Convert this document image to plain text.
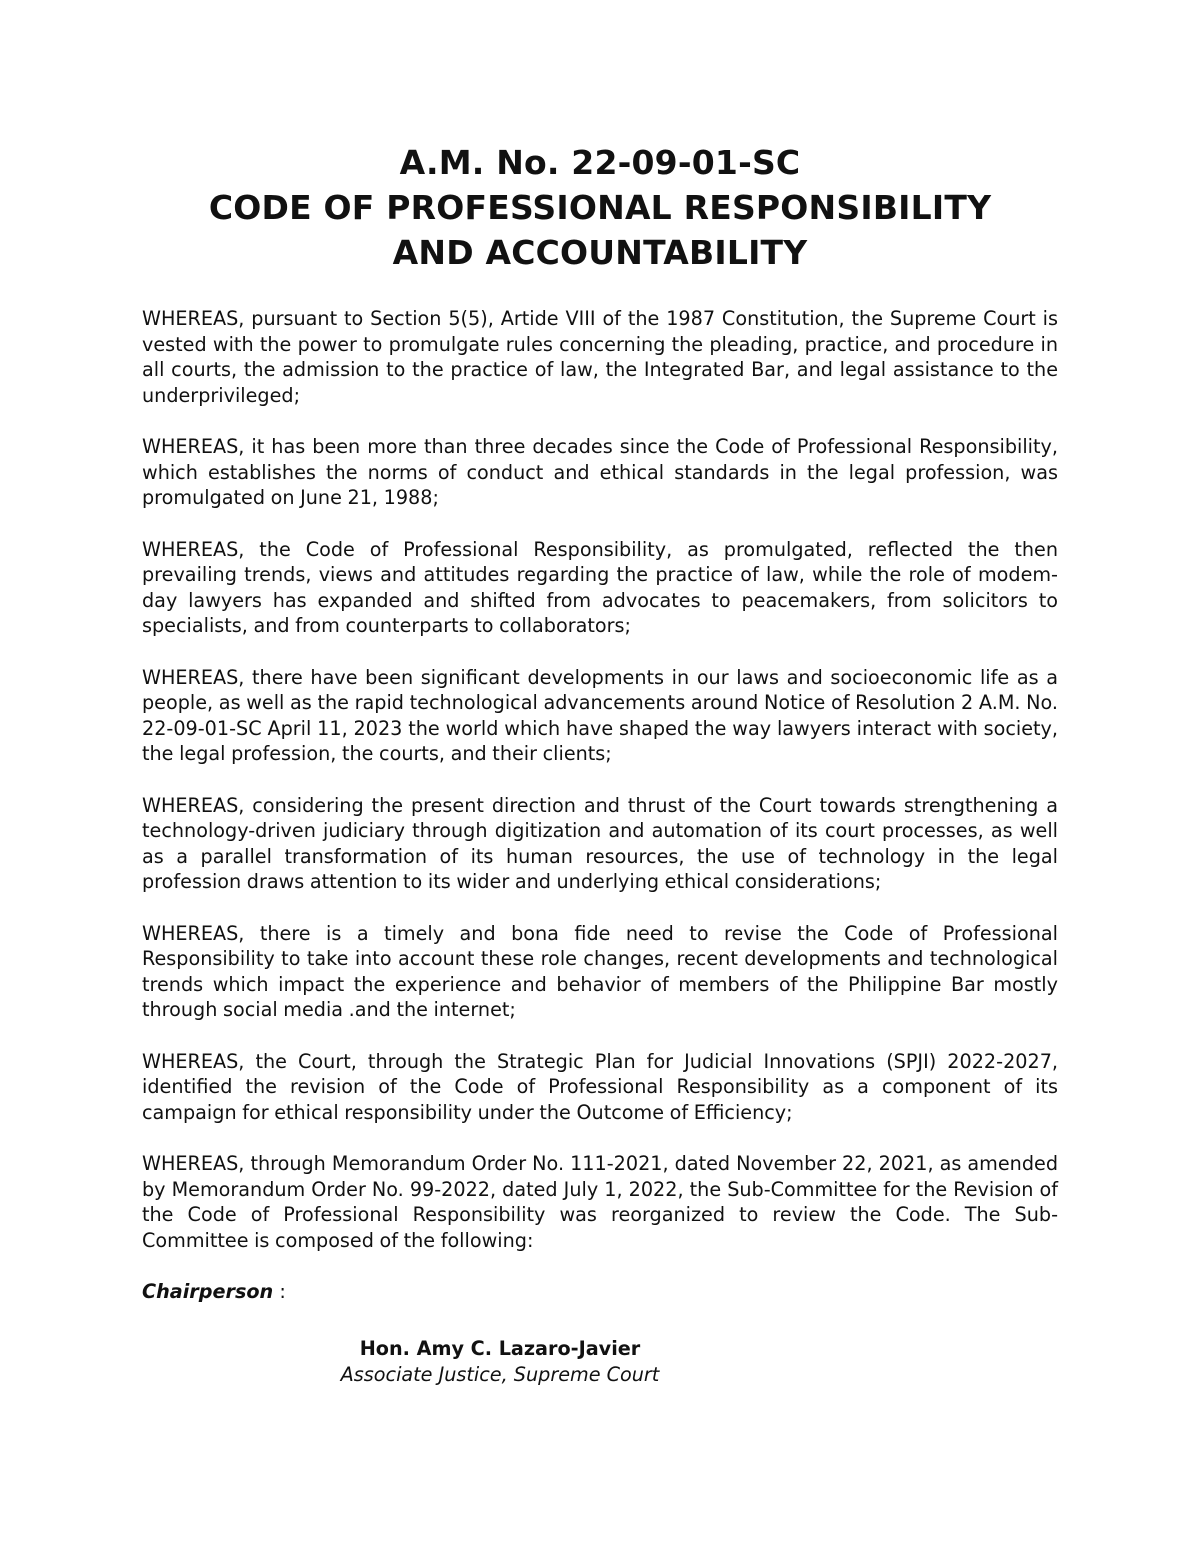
A.M. No. 22-09-01-SC
CODE OF PROFESSIONAL RESPONSIBILITY
AND ACCOUNTABILITY

WHEREAS, pursuant to Section 5(5), Artide VIII of the 1987 Constitution, the Supreme Court is vested with the power to promulgate rules concerning the pleading, practice, and procedure in all courts, the admission to the practice of law, the Integrated Bar, and legal assistance to the underprivileged;

WHEREAS, it has been more than three decades since the Code of Professional Responsibility, which establishes the norms of conduct and ethical standards in the legal profession, was promulgated on June 21, 1988;

WHEREAS, the Code of Professional Responsibility, as promulgated, reflected the then prevailing trends, views and attitudes regarding the practice of law, while the role of modem-day lawyers has expanded and shifted from advocates to peacemakers, from solicitors to specialists, and from counterparts to collaborators;

WHEREAS, there have been significant developments in our laws and socioeconomic life as a people, as well as the rapid technological advancements around Notice of Resolution 2 A.M. No. 22-09-01-SC April 11, 2023 the world which have shaped the way lawyers interact with society, the legal profession, the courts, and their clients;

WHEREAS, considering the present direction and thrust of the Court towards strengthening a technology-driven judiciary through digitization and automation of its court processes, as well as a parallel transformation of its human resources, the use of technology in the legal profession draws attention to its wider and underlying ethical considerations;

WHEREAS, there is a timely and bona fide need to revise the Code of Professional Responsibility to take into account these role changes, recent developments and technological trends which impact the experience and behavior of members of the Philippine Bar mostly through social media .and the internet;

WHEREAS, the Court, through the Strategic Plan for Judicial Innovations (SPJI) 2022-2027, identified the revision of the Code of Professional Responsibility as a component of its campaign for ethical responsibility under the Outcome of Efficiency;

WHEREAS, through Memorandum Order No. 111-2021, dated November 22, 2021, as amended by Memorandum Order No. 99-2022, dated July 1, 2022, the Sub-Committee for the Revision of the Code of Professional Responsibility was reorganized to review the Code. The Sub-Committee is composed of the following:

Chairperson :

Hon. Amy C. Lazaro-Javier
Associate Justice, Supreme Court
